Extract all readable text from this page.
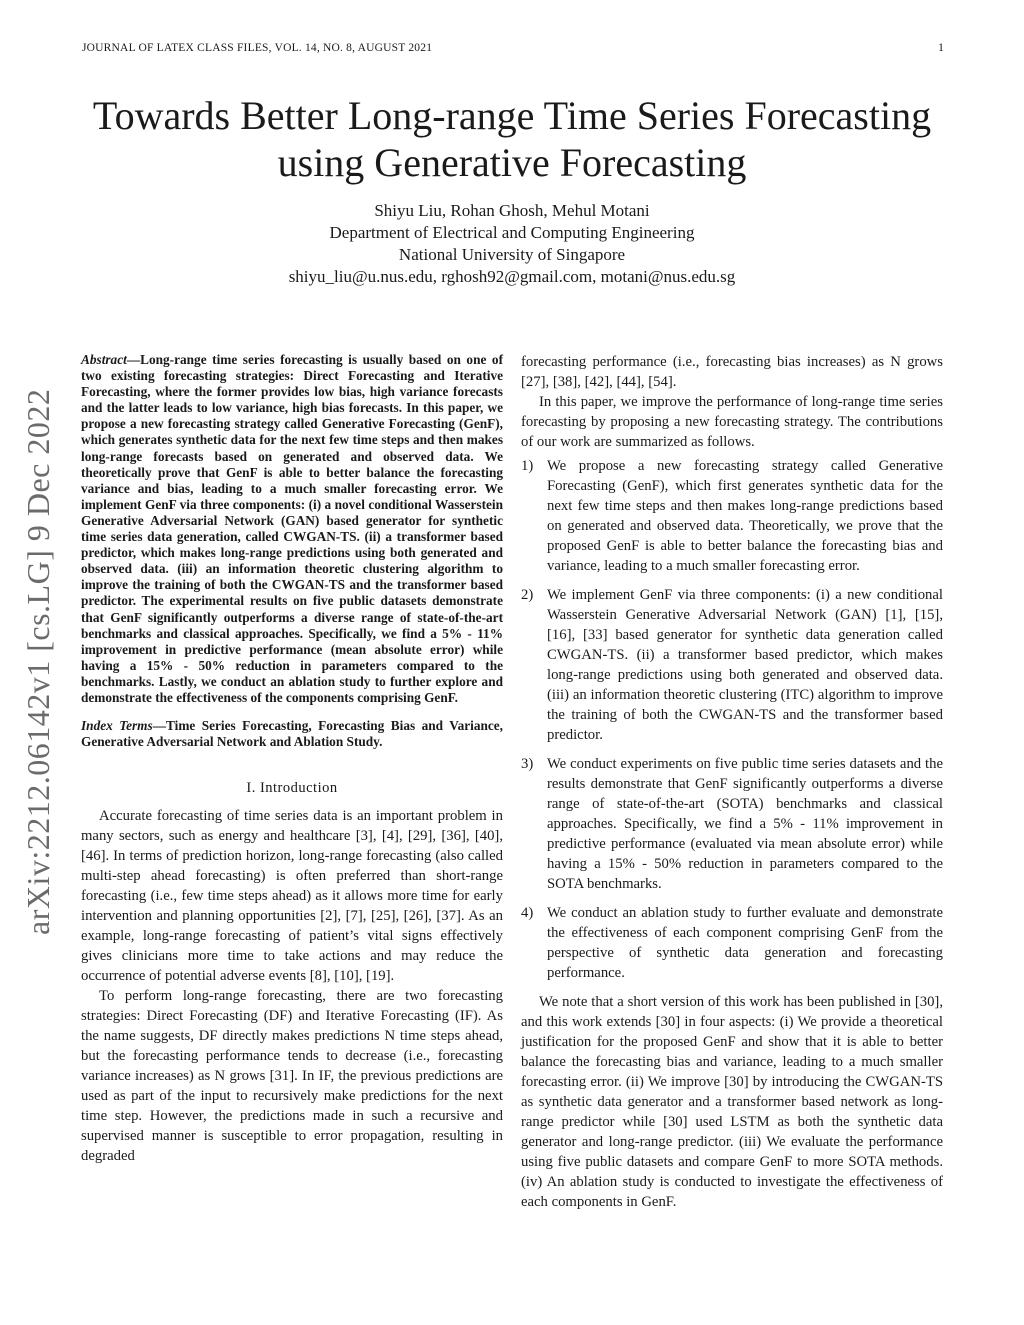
JOURNAL OF LATEX CLASS FILES, VOL. 14, NO. 8, AUGUST 2021	1
arXiv:2212.06142v1 [cs.LG] 9 Dec 2022
Towards Better Long-range Time Series Forecasting using Generative Forecasting
Shiyu Liu, Rohan Ghosh, Mehul Motani
Department of Electrical and Computing Engineering
National University of Singapore
shiyu_liu@u.nus.edu, rghosh92@gmail.com, motani@nus.edu.sg
Abstract—Long-range time series forecasting is usually based on one of two existing forecasting strategies: Direct Forecasting and Iterative Forecasting, where the former provides low bias, high variance forecasts and the latter leads to low variance, high bias forecasts. In this paper, we propose a new forecasting strategy called Generative Forecasting (GenF), which generates synthetic data for the next few time steps and then makes long-range forecasts based on generated and observed data. We theoretically prove that GenF is able to better balance the forecasting variance and bias, leading to a much smaller forecasting error. We implement GenF via three components: (i) a novel conditional Wasserstein Generative Adversarial Network (GAN) based generator for synthetic time series data generation, called CWGAN-TS. (ii) a transformer based predictor, which makes long-range predictions using both generated and observed data. (iii) an information theoretic clustering algorithm to improve the training of both the CWGAN-TS and the transformer based predictor. The experimental results on five public datasets demonstrate that GenF significantly outperforms a diverse range of state-of-the-art benchmarks and classical approaches. Specifically, we find a 5% - 11% improvement in predictive performance (mean absolute error) while having a 15% - 50% reduction in parameters compared to the benchmarks. Lastly, we conduct an ablation study to further explore and demonstrate the effectiveness of the components comprising GenF.
Index Terms—Time Series Forecasting, Forecasting Bias and Variance, Generative Adversarial Network and Ablation Study.
I. Introduction

Accurate forecasting of time series data is an important problem in many sectors, such as energy and healthcare [3], [4], [29], [36], [40], [46]. In terms of prediction horizon, long-range forecasting (also called multi-step ahead forecasting) is often preferred than short-range forecasting (i.e., few time steps ahead) as it allows more time for early intervention and planning opportunities [2], [7], [25], [26], [37]. As an example, long-range forecasting of patient’s vital signs effectively gives clinicians more time to take actions and may reduce the occurrence of potential adverse events [8], [10], [19].

To perform long-range forecasting, there are two forecasting strategies: Direct Forecasting (DF) and Iterative Forecasting (IF). As the name suggests, DF directly makes predictions N time steps ahead, but the forecasting performance tends to decrease (i.e., forecasting variance increases) as N grows [31]. In IF, the previous predictions are used as part of the input to recursively make predictions for the next time step. However, the predictions made in such a recursive and supervised manner is susceptible to error propagation, resulting in degraded

forecasting performance (i.e., forecasting bias increases) as N grows [27], [38], [42], [44], [54].

In this paper, we improve the performance of long-range time series forecasting by proposing a new forecasting strategy. The contributions of our work are summarized as follows.

1) We propose a new forecasting strategy called Generative Forecasting (GenF), which first generates synthetic data for the next few time steps and then makes long-range predictions based on generated and observed data. Theoretically, we prove that the proposed GenF is able to better balance the forecasting bias and variance, leading to a much smaller forecasting error.
2) We implement GenF via three components: (i) a new conditional Wasserstein Generative Adversarial Network (GAN) [1], [15], [16], [33] based generator for synthetic data generation called CWGAN-TS. (ii) a transformer based predictor, which makes long-range predictions using both generated and observed data. (iii) an information theoretic clustering (ITC) algorithm to improve the training of both the CWGAN-TS and the transformer based predictor.
3) We conduct experiments on five public time series datasets and the results demonstrate that GenF significantly outperforms a diverse range of state-of-the-art (SOTA) benchmarks and classical approaches. Specifically, we find a 5% - 11% improvement in predictive performance (evaluated via mean absolute error) while having a 15% - 50% reduction in parameters compared to the SOTA benchmarks.
4) We conduct an ablation study to further evaluate and demonstrate the effectiveness of each component comprising GenF from the perspective of synthetic data generation and forecasting performance.

We note that a short version of this work has been published in [30], and this work extends [30] in four aspects: (i) We provide a theoretical justification for the proposed GenF and show that it is able to better balance the forecasting bias and variance, leading to a much smaller forecasting error. (ii) We improve [30] by introducing the CWGAN-TS as synthetic data generator and a transformer based network as long-range predictor while [30] used LSTM as both the synthetic data generator and long-range predictor. (iii) We evaluate the performance using five public datasets and compare GenF to more SOTA methods. (iv) An ablation study is conducted to investigate the effectiveness of each components in GenF.
